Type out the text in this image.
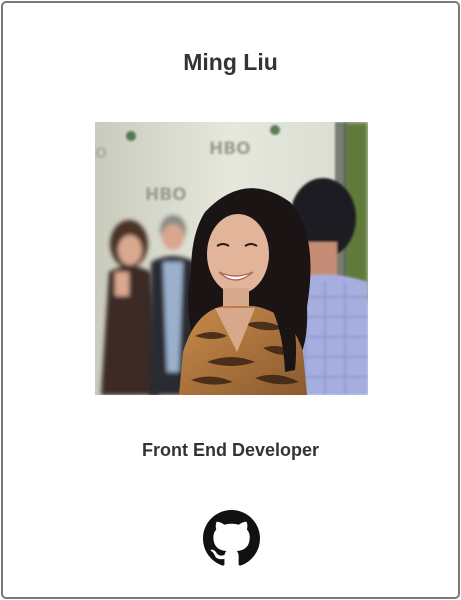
Ming Liu
HBO
HBO
O
Front End Developer
